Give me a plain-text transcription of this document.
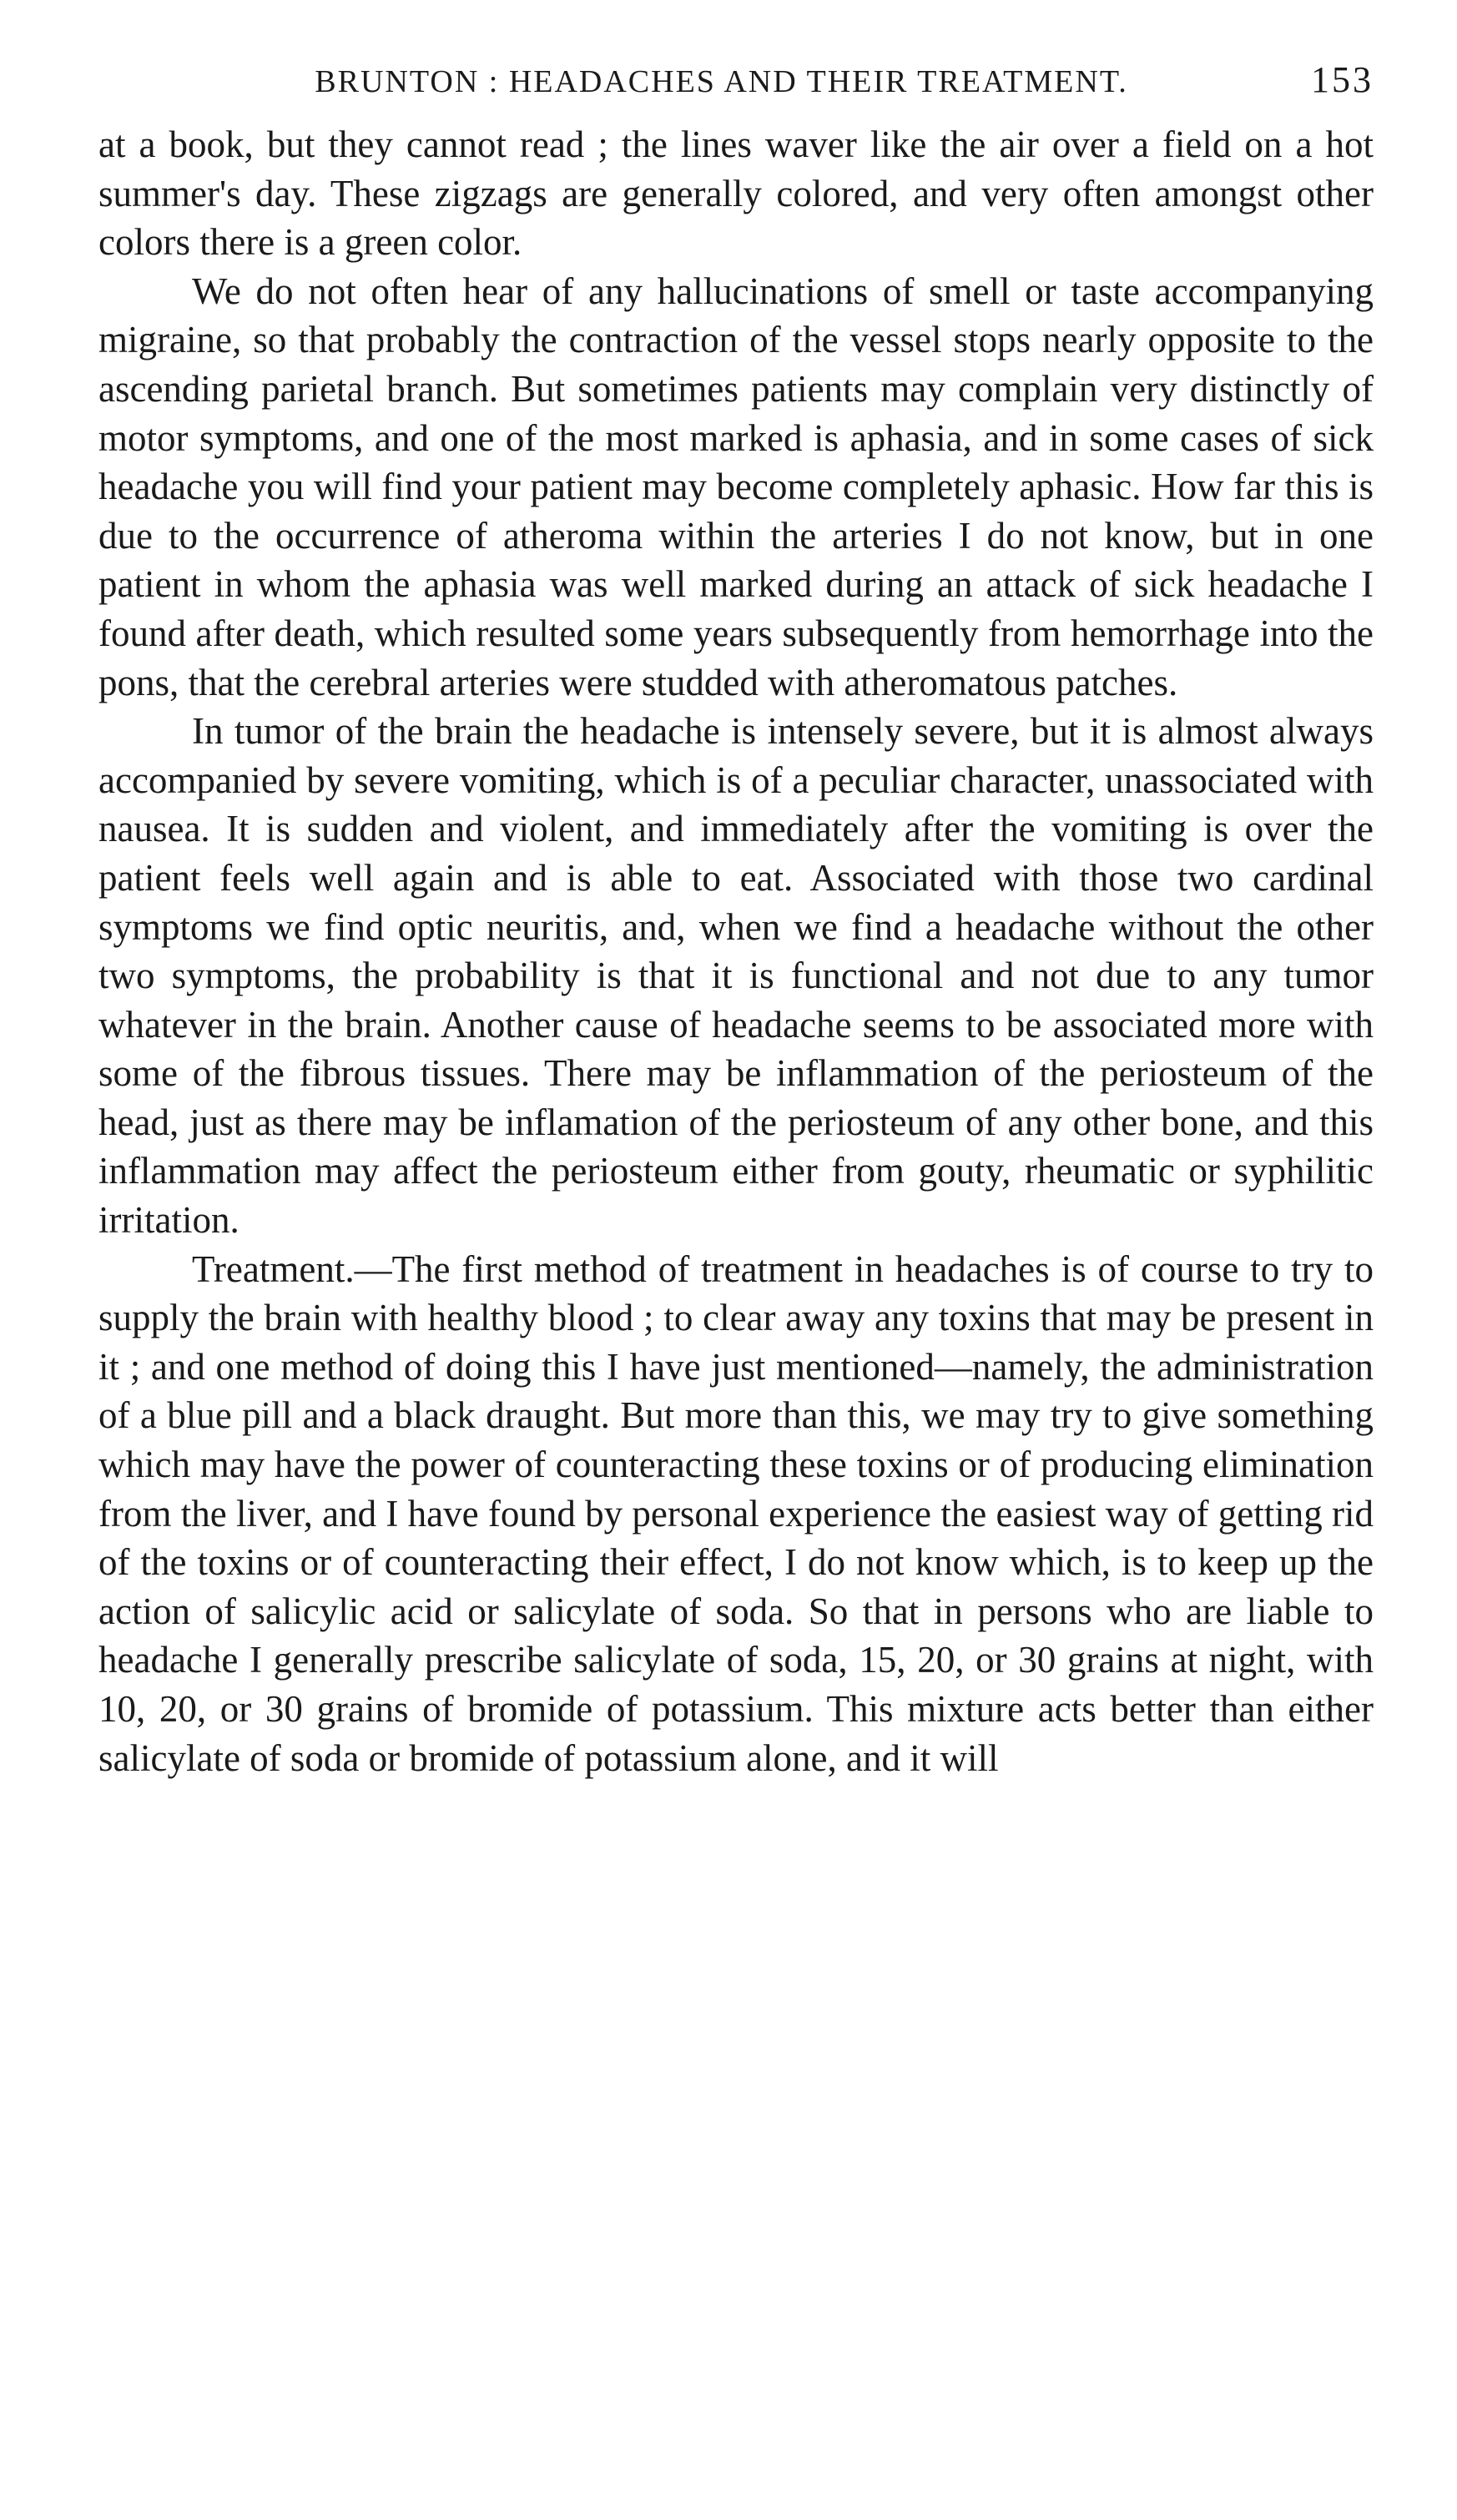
BRUNTON : HEADACHES AND THEIR TREATMENT.	153

at a book, but they cannot read ; the lines waver like the air over a field on a hot summer's day. These zigzags are generally colored, and very often amongst other colors there is a green color.

We do not often hear of any hallucinations of smell or taste accompanying migraine, so that probably the contraction of the vessel stops nearly opposite to the ascending parietal branch. But sometimes patients may complain very distinctly of motor symptoms, and one of the most marked is aphasia, and in some cases of sick headache you will find your patient may become completely aphasic. How far this is due to the occurrence of atheroma within the arteries I do not know, but in one patient in whom the aphasia was well marked during an attack of sick headache I found after death, which resulted some years subsequently from hemorrhage into the pons, that the cerebral arteries were studded with atheromatous patches.

In tumor of the brain the headache is intensely severe, but it is almost always accompanied by severe vomiting, which is of a peculiar character, unassociated with nausea. It is sudden and violent, and immediately after the vomiting is over the patient feels well again and is able to eat. Associated with those two cardinal symptoms we find optic neuritis, and, when we find a headache without the other two symptoms, the probability is that it is functional and not due to any tumor whatever in the brain. Another cause of headache seems to be associated more with some of the fibrous tissues. There may be inflammation of the periosteum of the head, just as there may be inflamation of the periosteum of any other bone, and this inflammation may affect the periosteum either from gouty, rheumatic or syphilitic irritation.

Treatment.—The first method of treatment in headaches is of course to try to supply the brain with healthy blood ; to clear away any toxins that may be present in it ; and one method of doing this I have just mentioned—namely, the administration of a blue pill and a black draught. But more than this, we may try to give something which may have the power of counteracting these toxins or of producing elimination from the liver, and I have found by personal experience the easiest way of getting rid of the toxins or of counteracting their effect, I do not know which, is to keep up the action of salicylic acid or salicylate of soda. So that in persons who are liable to headache I generally prescribe salicylate of soda, 15, 20, or 30 grains at night, with 10, 20, or 30 grains of bromide of potassium. This mixture acts better than either salicylate of soda or bromide of potassium alone, and it will
